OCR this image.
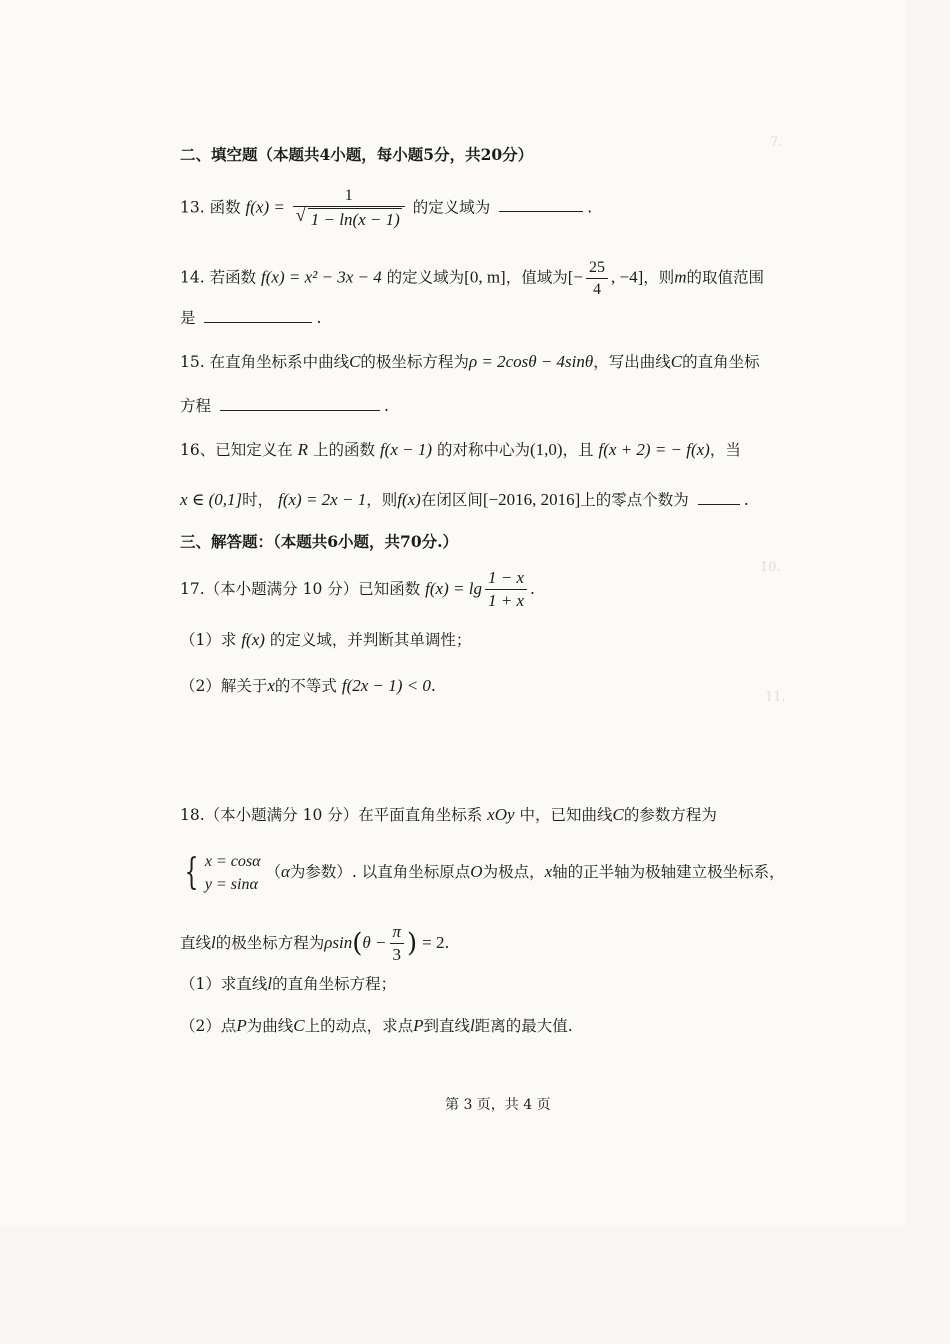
7.
10.
11.
二、填空题（本题共4小题，每小题5分，共20分）
13. 函数 f(x) = 1
√ 1 − ln(x − 1) 的定义域为	.
14. 若函数 f(x) = x² − 3x − 4 的定义域为[0, m]，值域为[− $\frac{25}{4}$ , −4]，则m的取值范围
是	.
15. 在直角坐标系中曲线C的极坐标方程为ρ = 2cosθ − 4sinθ，写出曲线C的直角坐标
方程	.
16、已知定义在 R 上的函数 f(x − 1) 的对称中心为(1,0)，且 f(x + 2) = − f(x)，当
x ∈ (0,1]时， f(x) = 2x − 1，则f(x)在闭区间[−2016, 2016]上的零点个数为	.
三、解答题：（本题共6小题，共70分.）
17.（本小题满分 10 分）已知函数 $f(x) = \lg \frac{1 - x}{1 + x}$ .
（1）求 f(x) 的定义域，并判断其单调性；
（2）解关于x的不等式 f(2x − 1) < 0.
18.（本小题满分 10 分）在平面直角坐标系 xOy 中，已知曲线C的参数方程为
{ x = cosα
y = sinα
（α为参数）. 以直角坐标原点O为极点，x轴的正半轴为极轴建立极坐标系，
直线l的极坐标方程为$\rho\sin(\theta - \frac{\pi}{3}$ ) = 2.
（1）求直线l的直角坐标方程；
（2）点P为曲线C上的动点，求点P到直线l距离的最大值.
第 3 页，共 4 页
